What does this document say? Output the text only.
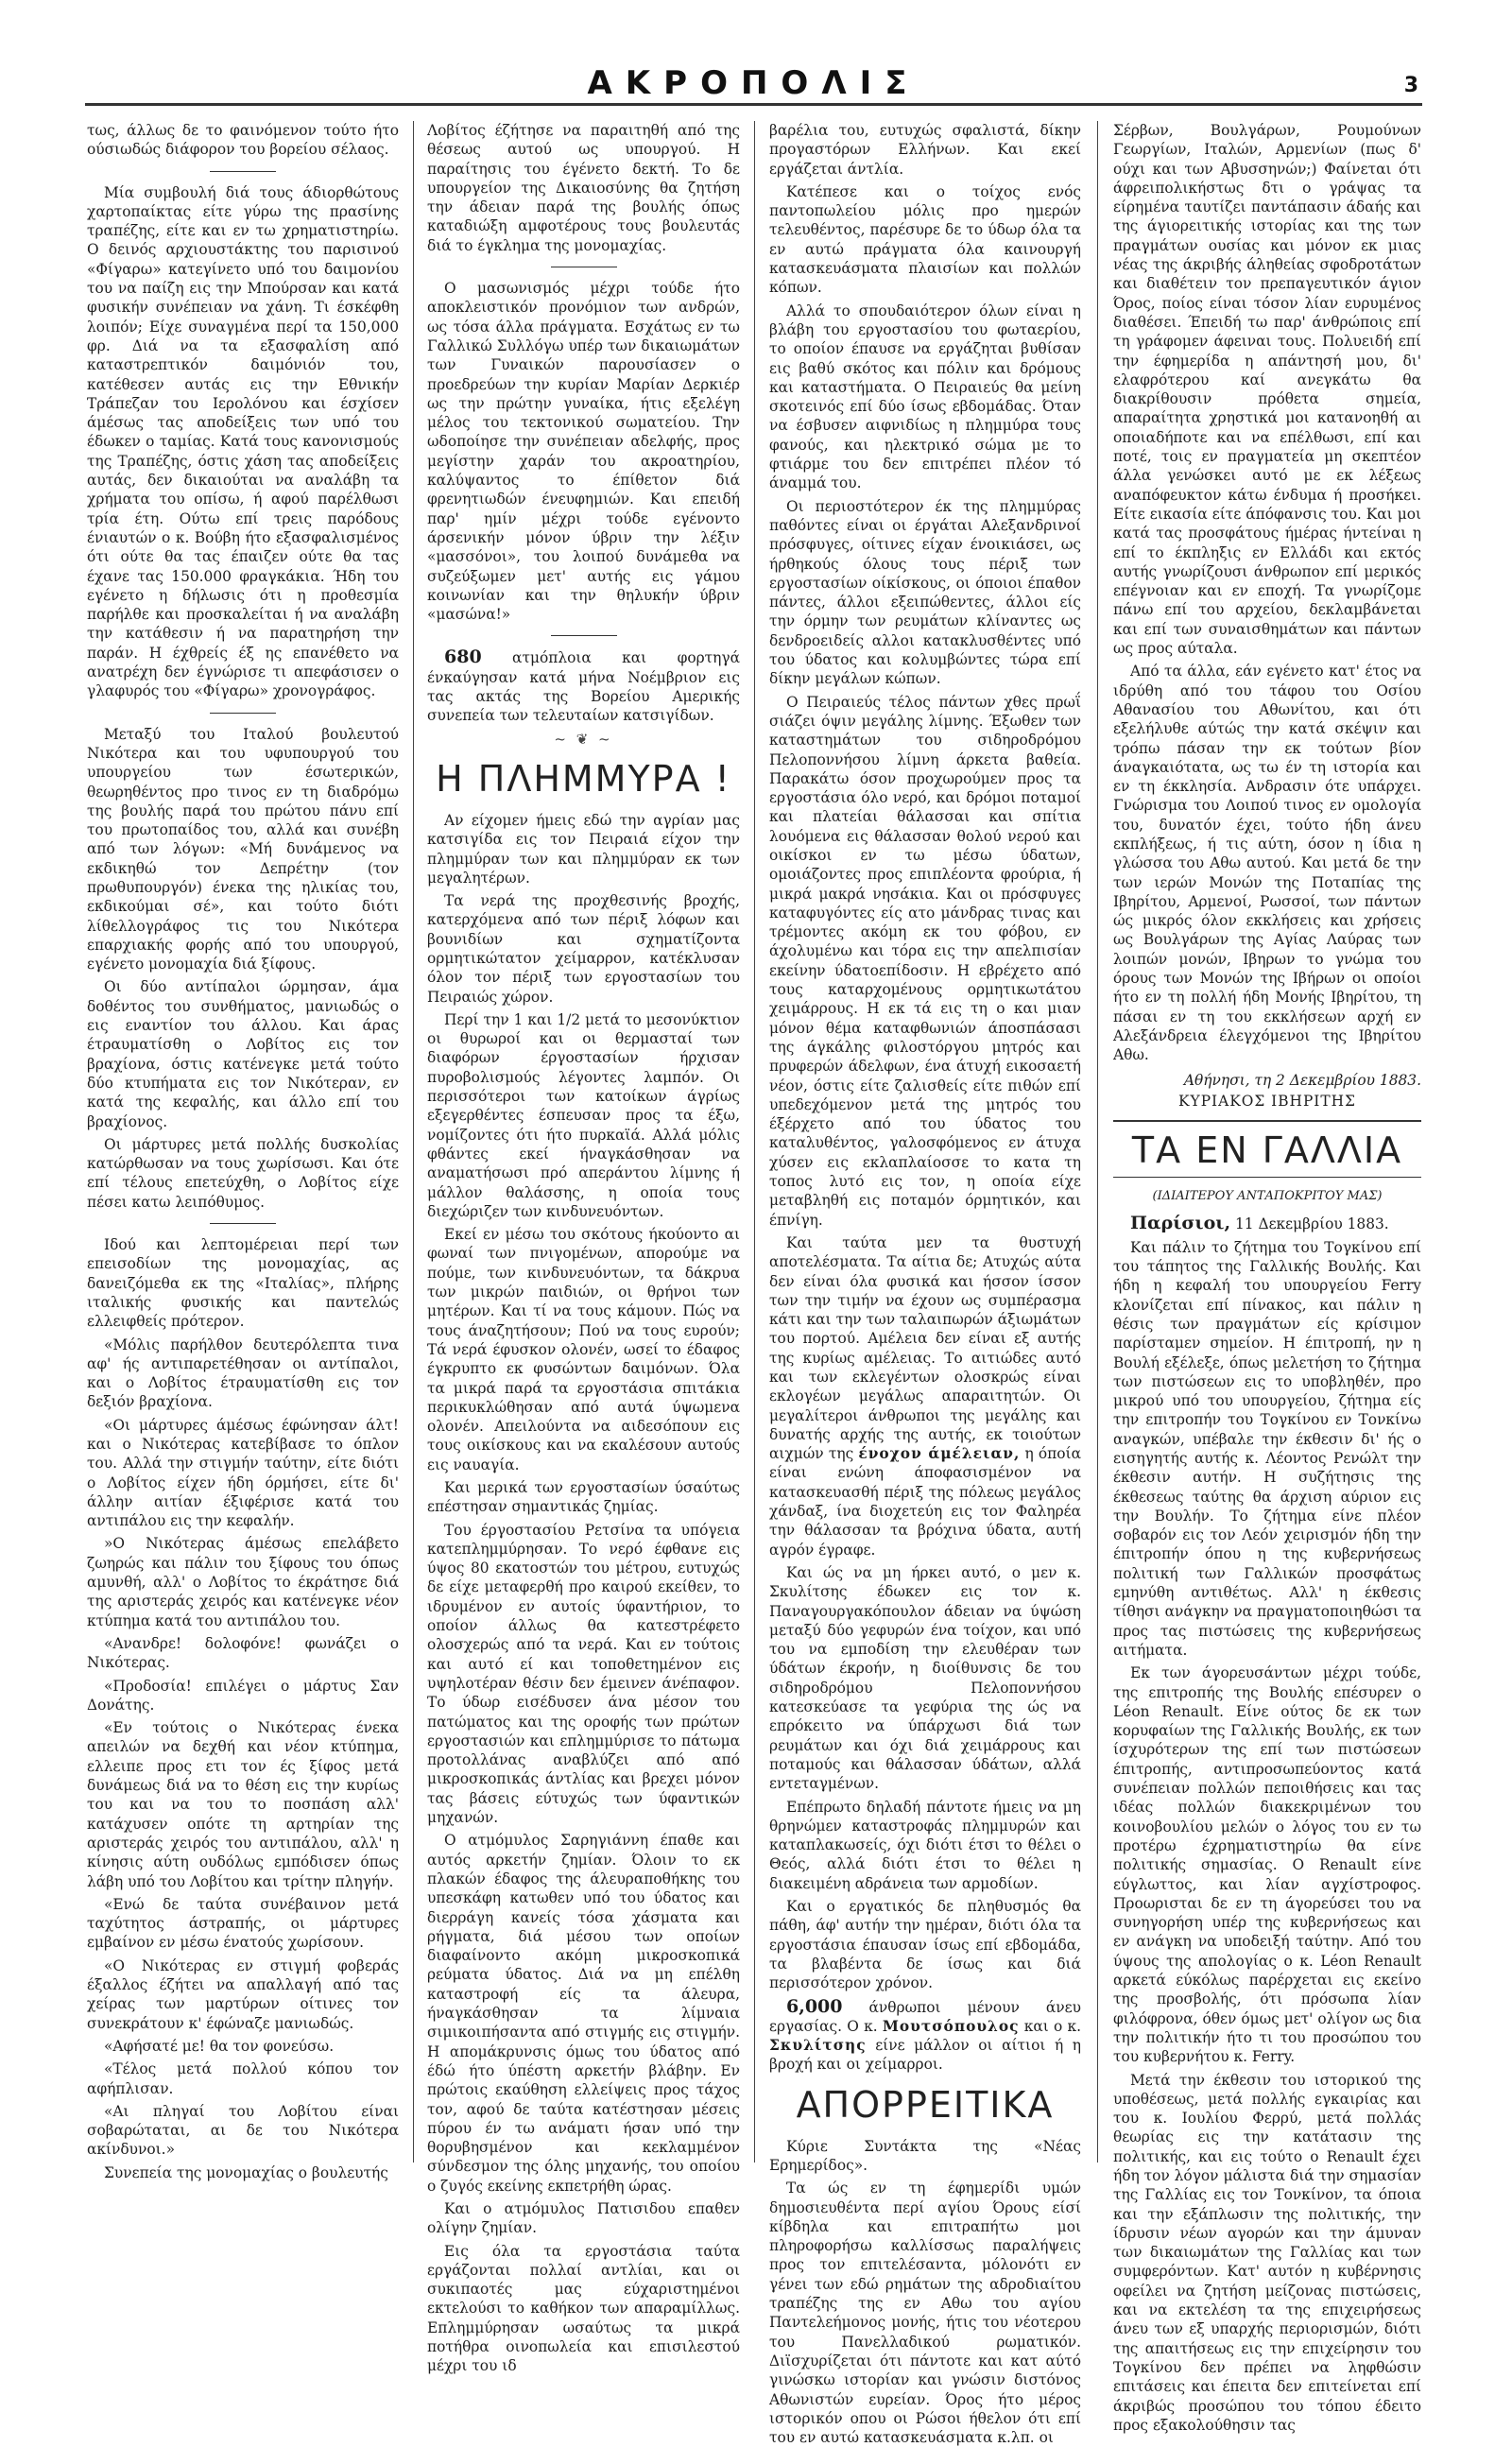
ΑΚΡΟΠΟΛΙΣ	3

τως, άλλως δε το φαινόμενον τούτο ήτο ούσιωδώς διάφορον του βορείου σέλαος.

Μία συμβουλή διά τους άδιορθώτους χαρτοπαίκτας είτε γύρω της πρασίνης τραπέζης, είτε και εν τω χρηματιστηρίω. Ο δεινός αρχιουστάκτης του παρισινού «Φίγαρω» κατεγίνετο υπό του δαιμονίου του να παίζη εις την Μπούρσαν και κατά φυσικήν συνέπειαν να χάνη. Τι έσκέφθη λοιπόν; Είχε συναγμένα περί τα 150,000 φρ. Διά να τα εξασφαλίση από καταστρεπτικόν δαιμόνιόν του, κατέθεσεν αυτάς εις την Εθνικήν Τράπεζαν του Ιερολόνου και έσχίσεν άμέσως τας αποδείξεις των υπό του έδωκεν ο ταμίας. Κατά τους κανονισμούς της Τραπέζης, όστις χάση τας αποδείξεις αυτάς, δεν δικαιούται να αναλάβη τα χρήματα του οπίσω, ή αφού παρέλθωσι τρία έτη. Ούτω επί τρεις παρόδους ένιαυτών ο κ. Βούβη ήτο εξασφαλισμένος ότι ούτε θα τας έπαιζεν ούτε θα τας έχανε τας 150.000 φραγκάκια. Ήδη του εγένετο η δήλωσις ότι η προθεσμία παρήλθε και προσκαλείται ή να αναλάβη την κατάθεσιν ή να παρατηρήση την παράν. Η έχθρείς έξ ης επανέθετο να ανατρέχη δεν έγνώρισε τι απεφάσισεν ο γλαφυρός του «Φίγαρω» χρονογράφος.

Μεταξύ του Ιταλού βουλευτού Νικότερα και του υφυπουργού του υπουργείου των έσωτερικών, θεωρηθέντος προ τινος εν τη διαδρόμω της βουλής παρά του πρώτου πάνυ επί του πρωτοπαίδος του, αλλά και συνέβη από των λόγων: «Μή δυνάμενος να εκδικηθώ τον Δεπρέτην (τον πρωθυπουργόν) ένεκα της ηλικίας του, εκδικούμαι σέ», και τούτο διότι λίθελλογράφος τις του Νικότερα επαρχιακής φορής από του υπουργού, εγένετο μονομαχία διά ξίφους.

Οι δύο αντίπαλοι ώρμησαν, άμα δοθέντος του συνθήματος, μανιωδώς ο εις εναντίον του άλλου. Και άρας έτραυματίσθη ο Λοβίτος εις τον βραχίονα, όστις κατένεγκε μετά τούτο δύο κτυπήματα εις τον Νικότεραν, εν κατά της κεφαλής, και άλλο επί του βραχίονος.

Οι μάρτυρες μετά πολλής δυσκολίας κατώρθωσαν να τους χωρίσωσι. Και ότε επί τέλους επετεύχθη, ο Λοβίτος είχε πέσει κατω λειπόθυμος.

Ιδού και λεπτομέρειαι περί των επεισοδίων της μονομαχίας, ας δανειζόμεθα εκ της «Ιταλίας», πλήρης ιταλικής φυσικής και παντελώς ελλειφθείς πρότερον.

«Μόλις παρήλθον δευτερόλεπτα τινα αφ' ής αντιπαρετέθησαν οι αντίπαλοι, και ο Λοβίτος έτραυματίσθη εις τον δεξιόν βραχίονα.

«Οι μάρτυρες άμέσως έφώνησαν άλτ! και ο Νικότερας κατεβίβασε το όπλον του. Αλλά την στιγμήν ταύτην, είτε διότι ο Λοβίτος είχεν ήδη όρμήσει, είτε δι' άλλην αιτίαν έξιφέρισε κατά του αντιπάλου εις την κεφαλήν.

»Ο Νικότερας άμέσως επελάβετο ζωηρώς και πάλιν του ξίφους του όπως αμυνθή, αλλ' ο Λοβίτος το έκράτησε διά της αριστεράς χειρός και κατένεγκε νέον κτύπημα κατά του αντιπάλου του.

«Ανανδρε! δολοφόνε! φωνάζει ο Νικότερας.

«Προδοσία! επιλέγει ο μάρτυς Σαν Δονάτης.

«Εν τούτοις ο Νικότερας ένεκα απειλών να δεχθή και νέον κτύπημα, ελλειπε προς ετι τον ές ξίφος μετά δυνάμεως διά να το θέση εις την κυρίως του και να του το ποσπάση αλλ' κατάχυσεν οπότε τη αρτηρίαν της αριστεράς χειρός του αντιπάλου, αλλ' η κίνησις αύτη ουδόλως εμπόδισεν όπως λάβη υπό του Λοβίτου και τρίτην πληγήν.

«Ενώ δε ταύτα συνέβαινον μετά ταχύτητος άστραπής, οι μάρτυρες εμβαίνον εν μέσω ένατούς χωρίσουν.

«Ο Νικότερας εν στιγμή φοβεράς έξαλλος έζήτει να απαλλαγή από τας χείρας των μαρτύρων οίτινες τον συνεκράτουν κ' έφώναζε μανιωδώς.

«Αφήσατέ με! θα τον φονεύσω.

«Τέλος μετά πολλού κόπου τον αφήπλισαν.

«Αι πληγαί του Λοβίτου είναι σοβαρώταται, αι δε του Νικότερα ακίνδυνοι.»

Συνεπεία της μονομαχίας ο βουλευτής

Λοβίτος έζήτησε να παραιτηθή από της θέσεως αυτού ως υπουργού. Η παραίτησις του έγένετο δεκτή. Το δε υπουργείον της Δικαιοσύνης θα ζητήση την άδειαν παρά της βουλής όπως καταδιώξη αμφοτέρους τους βουλευτάς διά το έγκλημα της μονομαχίας.

Ο μασωνισμός μέχρι τούδε ήτο αποκλειστικόν προνόμιον των ανδρών, ως τόσα άλλα πράγματα. Εσχάτως εν τω Γαλλικώ Συλλόγω υπέρ των δικαιωμάτων των Γυναικών παρουσίασεν ο προεδρεύων την κυρίαν Μαρίαν Δερκιέρ ως την πρώτην γυναίκα, ήτις εξελέγη μέλος του τεκτονικού σωματείου. Την ωδοποίησε την συνέπειαν αδελφής, προς μεγίστην χαράν του ακροατηρίου, καλύψαντος το έπίθετον διά φρενητιωδών ένευφημιών. Και επειδή παρ' ημίν μέχρι τούδε εγένοντο άρσενικήν μόνον ύβριν την λέξιν «μασσόνοι», του λοιπού δυνάμεθα να συζεύξωμεν μετ' αυτής εις γάμου κοινωνίαν και την θηλυκήν ύβριν «μασώνα!»

680 ατμόπλοια και φορτηγά ένκαύγησαν κατά μήνα Νοέμβριον εις τας ακτάς της Βορείου Αμερικής συνεπεία των τελευταίων κατσιγίδων.

~ ❦ ~
Η ΠΛΗΜΜΥΡΑ !

Αν είχομεν ήμεις εδώ την αγρίαν μας κατσιγίδα εις τον Πειραιά είχον την πλημμύραν των και πλημμύραν εκ των μεγαλητέρων.

Τα νερά της προχθεσινής βροχής, κατερχόμενα από των πέριξ λόφων και βουνιδίων και σχηματίζοντα ορμητικώτατον χείμαρρον, κατέκλυσαν όλον τον πέριξ των εργοστασίων του Πειραιώς χώρον.

Περί την 1 και 1/2 μετά το μεσονύκτιον οι θυρωροί και οι θερμασταί των διαφόρων έργοστασίων ήρχισαν πυροβολισμούς λέγοντες λαμπόν. Οι περισσότεροι των κατοίκων άγρίως εξεγερθέντες έσπευσαν προς τα έξω, νομίζοντες ότι ήτο πυρκαϊά. Αλλά μόλις φθάντες εκεί ήναγκάσθησαν να αναματήσωσι πρό απεράντου λίμνης ή μάλλον θαλάσσης, η οποία τους διεχώριζεν των κινδυνευόντων.

Εκεί εν μέσω του σκότους ήκούοντο αι φωναί των πνιγομένων, απορούμε να πούμε, των κινδυνευόντων, τα δάκρυα των μικρών παιδιών, οι θρήνοι των μητέρων. Και τί να τους κάμουν. Πώς να τους άναζητήσουν; Πού να τους ευρούν; Τά νερά έφυσκον ολονέν, ωσεί το έδαφος έγκρυπτο εκ φυσώντων δαιμόνων. Όλα τα μικρά παρά τα εργοστάσια σπιτάκια περικυκλώθησαν από αυτά ύψωμενα ολονέν. Απειλούντα να αιδεσόπουν εις τους οικίσκους και να εκαλέσουν αυτούς εις ναυαγία.

Και μερικά των εργοστασίων ύσαύτως επέστησαν σημαντικάς ζημίας.

Του έργοστασίου Ρετσίνα τα υπόγεια κατεπλημμύρησαν. Το νερό έφθανε εις ύψος 80 εκατοστών του μέτρου, ευτυχώς δε είχε μεταφερθή προ καιρού εκείθεν, το ιδρυμένον εν αυτοίς ύφαντήριον, το οποίον άλλως θα κατεστρέφετο ολοσχερώς από τα νερά. Και εν τούτοις και αυτό εί και τοποθετημένον εις υψηλοτέραν θέσιν δεν έμεινεν άνέπαφον. Το ύδωρ εισέδυσεν άνα μέσον του πατώματος και της οροφής των πρώτων εργοστασιών και επλημμύρισε το πάτωμα προτολλάνας αναβλύζει από από μικροσκοπικάς άντλίας και βρεχει μόνον τας βάσεις εύτυχώς των ύφαντικών μηχανών.

Ο ατμόμυλος Σαρηγιάννη έπαθε και αυτός αρκετήν ζημίαν. Όλοιν το εκ πλακών έδαφος της άλευραποθήκης του υπεσκάφη κατωθεν υπό του ύδατος και διερράγη κανείς τόσα χάσματα και ρήγματα, διά μέσου των οποίων διαφαίνοντο ακόμη μικροσκοπικά ρεύματα ύδατος. Διά να μη επέλθη καταστροφή είς τα άλευρα, ήναγκάσθησαν τα λίμναια σιμικοιπήσαντα από στιγμής εις στιγμήν. Η απομάκρυνσις όμως του ύδατος από έδώ ήτο ύπέστη αρκετήν βλάβην. Εν πρώτοις εκαύθηση ελλείψεις προς τάχος τον, αφού δε ταύτα κατέστησαν μέσεις πύρου έν τω ανάματι ήσαν υπό την θορυβησμένον και κεκλαμμένον σύνδεσμον της όλης μηχανής, του οποίου ο ζυγός εκείνης εκπετρήθη ώρας.

Και ο ατμόμυλος Πατισιδου επαθεν ολίγην ζημίαν.

Εις όλα τα εργοστάσια ταύτα εργάζονται πολλαί αντλίαι, και οι συκιπαοτές μας εύχαριστημένοι εκτελούσι το καθήκον των απαραμίλλως. Επλημμύρησαν ωσαύτως τα μικρά ποτήθρα οινοπωλεία και επισιλεστού μέχρι του ιδ

βαρέλια του, ευτυχώς σφαλιστά, δίκην προγαστόρων Ελλήνων. Και εκεί εργάζεται άντλία.

Κατέπεσε και ο τοίχος ενός παντοπωλείου μόλις προ ημερών τελευθέντος, παρέσυρε δε το ύδωρ όλα τα εν αυτώ πράγματα όλα καινουργή κατασκευάσματα πλαισίων και πολλών κόπων.

Αλλά το σπουδαιότερον όλων είναι η βλάβη του εργοστασίου του φωταερίου, το οποίον έπαυσε να εργάζηται βυθίσαν εις βαθύ σκότος και πόλιν και δρόμους και καταστήματα. Ο Πειραιεύς θα μείνη σκοτεινός επί δύο ίσως εβδομάδας. Όταν να έσβυσεν αιφνιδίως η πλημμύρα τους φανούς, και ηλεκτρικό σώμα με το φτιάρμε του δεν επιτρέπει πλέον τό άναμμά του.

Οι περιοστότερον έκ της πλημμύρας παθόντες είναι οι έργάται Αλεξανδρινοί πρόσφυγες, οίτινες είχαν ένοικιάσει, ως ήρθηκούς όλους τους πέριξ των εργοστασίων οίκίσκους, οι όποιοι έπαθον πάντες, άλλοι εξειπώθεντες, άλλοι είς την όρμην των ρευμάτων κλίναντες ως δενδροειδείς αλλοι κατακλυσθέντες υπό του ύδατος και κολυμβώντες τώρα επί δίκην μεγάλων κώπων.

Ο Πειραιεύς τέλος πάντων χθες πρωΐ σιάζει όψιν μεγάλης λίμνης. Έξωθεν των καταστημάτων του σιδηροδρόμου Πελοποννήσου λίμνη άρκετα βαθεία. Παρακάτω όσον προχωρούμεν προς τα εργοστάσια όλο νερό, και δρόμοι ποταμοί και πλατείαι θάλασσαι και σπίτια λουόμενα εις θάλασσαν θολού νερού και οικίσκοι εν τω μέσω ύδατων, ομοιάζοντες προς επιπλέοντα φρούρια, ή μικρά μακρά νησάκια. Και οι πρόσφυγες καταφυγόντες είς ατο μάνδρας τινας και τρέμοντες ακόμη εκ του φόβου, εν άχολυμένω και τόρα εις την απελπισίαν εκείνην ύδατοεπίδοσιν. Η εβρέχετο από τους καταρχομένους ορμητικωτάτου χειμάρρους. Η εκ τά εις τη ο και μιαν μόνον θέμα καταφθωνιών άποσπάσασι της άγκάλης φιλοστόργου μητρός και πρυφερών άδελφων, ένα άτυχή εικοσαετή νέον, όστις είτε ζαλισθείς είτε πιθών επί υπεδεχόμενον μετά της μητρός του έξέρχετο από του ύδατος του καταλυθέντος, γαλοσφόμενος εν άτυχα χύσεν εις εκλαπλαίοσσε το κατα τη τοπος λυτό εις τον, η οποία είχε μεταβληθή εις ποταμόν όρμητικόν, και έπνίγη.

Και ταύτα μεν τα θυστυχή αποτελέσματα. Τα αίτια δε; Ατυχώς αύτα δεν είναι όλα φυσικά και ήσσον ίσσον των την τιμήν να έχουν ως συμπέρασμα κάτι και την των ταλαιπωρών άξιωμάτων του πορτού. Αμέλεια δεν είναι εξ αυτής της κυρίως αμέλειας. Το αιτιώδες αυτό και των εκλεγέντων ολοσκρώς είναι εκλογέων μεγάλως απαραιτητών. Οι μεγαλίτεροι άνθρωποι της μεγάλης και δυνατής αρχής της αυτής, εκ τοιούτων αιχμών της ένοχον άμέλειαν, η όποία είναι ενώνη άποφασισμένον να κατασκευασθή πέριξ της πόλεως μεγάλος χάνδαξ, ίνα διοχετεύη εις τον Φαληρέα την θάλασσαν τα βρόχινα ύδατα, αυτή αγρόν έγραφε.

Και ώς να μη ήρκει αυτό, ο μεν κ. Σκυλίτσης έδωκεν εις τον κ. Παναγουργακόπουλον άδειαν να ύψώση μεταξύ δύο γεφυρών ένα τοίχον, και υπό του να εμποδίση την ελευθέραν των ύδάτων έκροήν, η διοίθυνσις δε του σιδηροδρόμου Πελοποννήσου κατεσκεύασε τα γεφύρια της ώς να επρόκειτο να ύπάρχωσι διά των ρευμάτων και όχι διά χειμάρρους και ποταμούς και θάλασσαν ύδάτων, αλλά εντεταγμένων.

Επέπρωτο δηλαδή πάντοτε ήμεις να μη θρηνώμεν καταστροφάς πλημμυρών και καταπλακωσείς, όχι διότι έτσι το θέλει ο Θεός, αλλά διότι έτσι το θέλει η διακειμένη αδράνεια των αρμοδίων.

Και ο εργατικός δε πληθυσμός θα πάθη, άφ' αυτήν την ημέραν, διότι όλα τα εργοστάσια έπαυσαν ίσως επί εβδομάδα, τα βλαβέντα δε ίσως και διά περισσότερον χρόνον.

6,000 άνθρωποι μένουν άνευ εργασίας. Ο κ. Μουτσόπουλος και ο κ. Σκυλίτσης είνε μάλλον οι αίτιοι ή η βροχή και οι χείμαρροι.

ΑΠΟΡΡΕΙΤΙΚΑ

Κύριε Συντάκτα της «Νέας Ερημερίδος».

Τα ώς εν τη έφημερίδι υμών δημοσιευθέντα περί αγίου Όρους είσί κίβδηλα και επιτραπήτω μοι πληροφορήσω καλλίσσως παραλήψεις προς τον επιτελέσαντα, μόλονότι εν γένει των εδώ ρημάτων της αδροδιαίτου τραπέζης της εν Αθω του αγίου Παντελεήμονος μονής, ήτις του νέοτερου του Πανελλαδικού ρωματικόν. Διϊσχυρίζεται ότι πάντοτε και κατ αύτό γινώσκω ιστορίαν και γνώσιν διστόνος Αθωνιστών ευρείαν. Όρος ήτο μέρος ιστορικόν οπου οι Ρώσοι ήθελον ότι επί του εν αυτώ κατασκευάσματα κ.λπ. οι

Σέρβων, Βουλγάρων, Ρουμούνων Γεωργίων, Ιταλών, Αρμενίων (πως δ' ούχι και των Αβυσσηνών;) Φαίνεται ότι άφρειπολικήστως δτι ο γράψας τα είρημένα ταυτίζει παντάπασιν άδαής και της άγιορειτικής ιστορίας και της των πραγμάτων ουσίας και μόνον εκ μιας νέας της άκριβής άληθείας σφοδροτάτων και διαθέτειν τον πρεπαγευτικόν άγιον Όρος, ποίος είναι τόσον λίαν ευρυμένος διαθέσει. Έπειδή τω παρ' άνθρώποις επί τη γράφομεν άφειναι τους. Πολυειδή επί την έφημερίδα η απάντησή μου, δι' ελαφρότερου καί ανεγκάτω θα διακρίθουσιν πρόθετα σημεία, απαραίτητα χρηστικά μοι κατανοηθή αι οποιαδήποτε και να επέλθωσι, επί και ποτέ, τοις εν πραγματεία μη σκεπτέον άλλα γενώσκει αυτό με εκ λέξεως αναπόφευκτον κάτω ένδυμα ή προσήκει. Είτε εικασία είτε άπόφανσις του. Και μοι κατά τας προσφάτους ήμέρας ήντείναι η επί το έκπληξις εν Ελλάδι και εκτός αυτής γνωρίζουσι άνθρωπον επί μερικός επέγνοιαν και εν εποχή. Τα γνωρίζομε πάνω επί του αρχείου, δεκλαμβάνεται και επί των συναισθημάτων και πάντων ως προς αύταλα.

Από τα άλλα, εάν εγένετο κατ' έτος να ιδρύθη από του τάφου του Οσίου Αθανασίου του Αθωνίτου, και ότι εξελήλυθε αύτώς την κατά σκέψιν και τρόπω πάσαν την εκ τούτων βίον άναγκαιότατα, ως τω έν τη ιστορία και εν τη έκκλησία. Ανδρασιν ότε υπάρχει. Γνώρισμα του Λοιπού τινος εν ομολογία του, δυνατόν έχει, τούτο ήδη άνευ εκπλήξεως, ή τις αύτη, όσον η ίδια η γλώσσα του Αθω αυτού. Και μετά δε την των ιερών Μονών της Ποταπίας της Ιβηρίτου, Αρμενοί, Ρωσσοί, των πάντων ώς μικρός όλον εκκλήσεις και χρήσεις ως Βουλγάρων της Αγίας Λαύρας των λοιπών μονών, Ιβηρων το γνώμα του όρους των Μονών της Ιβήρων οι οποίοι ήτο εν τη πολλή ήδη Μονής Ιβηρίτου, τη πάσαι εν τη του εκκλήσεων αρχή εν Αλεξάνδρεια έλεγχόμενοι της Ιβηρίτου Αθω.

Αθήνησι, τη 2 Δεκεμβρίου 1883.
ΚΥΡΙΑΚΟΣ ΙΒΗΡΙΤΗΣ
ΤΑ ΕΝ ΓΑΛΛΙΑ
(ΙΔΙΑΙΤΕΡΟΥ ΑΝΤΑΠΟΚΡΙΤΟΥ ΜΑΣ)

Παρίσιοι, 11 Δεκεμβρίου 1883.

Και πάλιν το ζήτημα του Τογκίνου επί του τάπητος της Γαλλικής Βουλής. Και ήδη η κεφαλή του υπουργείου Ferry κλονίζεται επί πίνακος, και πάλιν η θέσις των πραγμάτων είς κρίσιμον παρίσταμεν σημείον. Η έπιτροπή, ην η Βουλή εξέλεξε, όπως μελετήση το ζήτημα των πιστώσεων εις το υποβληθέν, προ μικρού υπό του υπουργείου, ζήτημα είς την επιτροπήν του Τογκίνου εν Τονκίνω αναγκών, υπέβαλε την έκθεσιν δι' ής ο εισηγητής αυτής κ. Λέοντος Ρενώλτ την έκθεσιν αυτήν. Η συζήτησις της έκθεσεως ταύτης θα άρχιση αύριον εις την Βουλήν. Το ζήτημα είνε πλέον σοβαρόν εις τον Λεόν χειρισμόν ήδη την έπιτροπήν όπου η της κυβερνήσεως πολιτική των Γαλλικών προσφάτως εμηνύθη αντιθέτως. Αλλ' η έκθεσις τίθησι ανάγκην να πραγματοποιηθώσι τα προς τας πιστώσεις της κυβερνήσεως αιτήματα.

Εκ των άγορευσάντων μέχρι τούδε, της επιτροπής της Βουλής επέσυρεν ο Léon Renault. Είνε ούτος δε εκ των κορυφαίων της Γαλλικής Βουλής, εκ των ίσχυρότερων της επί των πιστώσεων έπιτροπής, αντιπροσωπεύοντος κατά συνέπειαν πολλών πεποιθήσεις και τας ιδέας πολλών διακεκριμένων του κοινοβουλίου μελών ο λόγος του εν τω προτέρω έχρηματιστηρίω θα είνε πολιτικής σημασίας. Ο Renault είνε εύγλωττος, και λίαν αγχίστροφος. Προωρισται δε εν τη άγορεύσει του να συνηγορήση υπέρ της κυβερνήσεως και εν ανάγκη να υποδειξή ταύτην. Από του ύψους της απολογίας ο κ. Léon Renault αρκετά εύκόλως παρέρχεται εις εκείνο της προσβολής, ότι πρόσωπα λίαν φιλόφρονα, όθεν όμως μετ' ολίγον ως δια την πολιτικήν ήτο τι του προσώπου του του κυβερνήτου κ. Ferry.

Μετά την έκθεσιν του ιστορικού της υποθέσεως, μετά πολλής εγκαιρίας και του κ. Ιουλίου Φερρύ, μετά πολλάς θεωρίας εις την κατάτασιν της πολιτικής, και εις τούτο ο Renault έχει ήδη τον λόγον μάλιστα διά την σημασίαν της Γαλλίας εις τον Τονκίνον, τα όποια και την εξάπλωσιν της πολιτικής, την ίδρυσιν νέων αγορών και την άμυναν των δικαιωμάτων της Γαλλίας και των συμφερόντων. Κατ' αυτόν η κυβέρνησις οφείλει να ζητήση μείζονας πιστώσεις, και να εκτελέση τα της επιχειρήσεως άνευ των εξ υπαρχής περιορισμών, διότι της απαιτήσεως εις την επιχείρησιν του Τογκίνου δεν πρέπει να ληφθώσιν επιτάσεις και έπειτα δεν επιτείνεται επί άκριβώς προσώπου του τόπου έδειτο προς εξακολούθησιν τας
